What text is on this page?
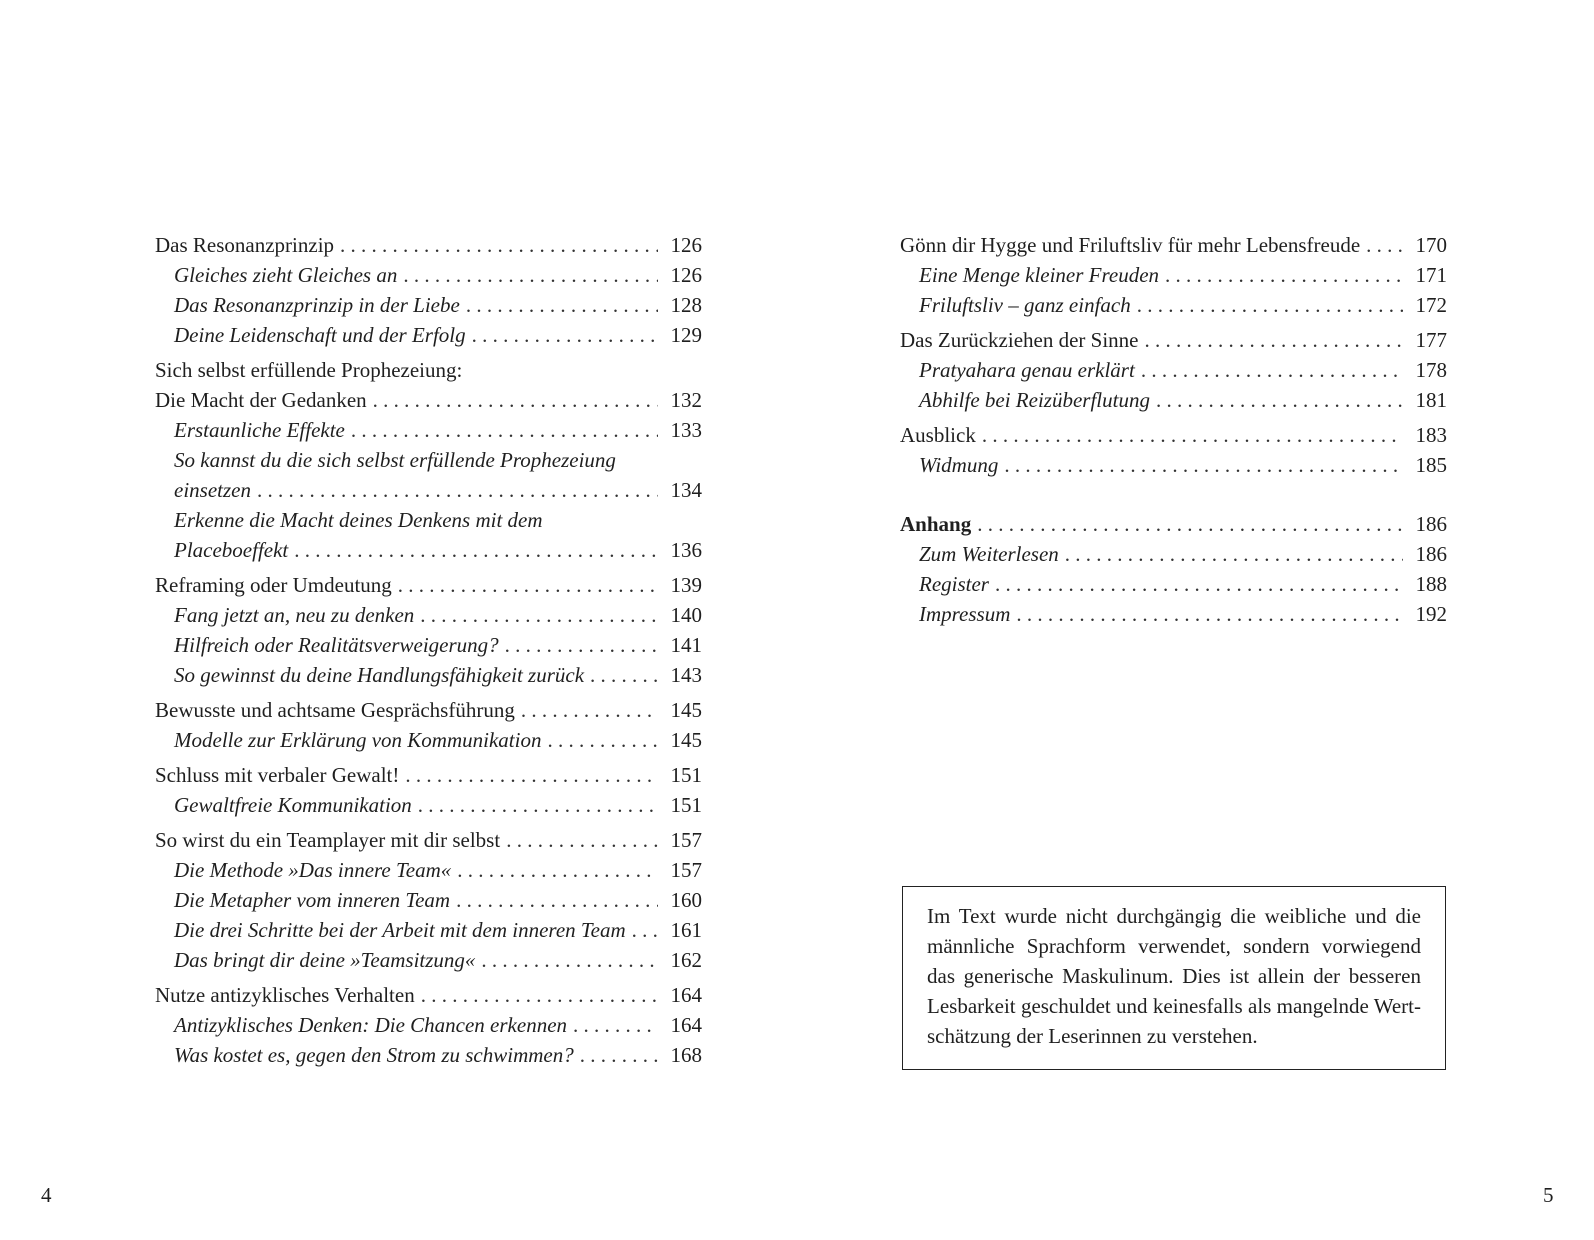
Das Resonanzprinzip . . .	126
Gleiches zieht Gleiches an . . .	126
Das Resonanzprinzip in der Liebe . . .	128
Deine Leidenschaft und der Erfolg . . .	129
Sich selbst erfüllende Prophezeiung:
Die Macht der Gedanken . . .	132
Erstaunliche Effekte . . .	133
So kannst du die sich selbst erfüllende Prophezeiung
einsetzen . . .	134
Erkenne die Macht deines Denkens mit dem
Placeboeffekt . . .	136
Reframing oder Umdeutung . . .	139
Fang jetzt an, neu zu denken . . .	140
Hilfreich oder Realitätsverweigerung? . . .	141
So gewinnst du deine Handlungsfähigkeit zurück . . .	143
Bewusste und achtsame Gesprächsführung . . .	145
Modelle zur Erklärung von Kommunikation . . .	145
Schluss mit verbaler Gewalt! . . .	151
Gewaltfreie Kommunikation . . .	151
So wirst du ein Teamplayer mit dir selbst . . .	157
Die Methode »Das innere Team« . . .	157
Die Metapher vom inneren Team . . .	160
Die drei Schritte bei der Arbeit mit dem inneren Team . . . 161
Das bringt dir deine »Teamsitzung« . . .	162
Nutze antizyklisches Verhalten . . .	164
Antizyklisches Denken: Die Chancen erkennen . . .	164
Was kostet es, gegen den Strom zu schwimmen? . . .	168
Gönn dir Hygge und Friluftsliv für mehr Lebensfreude . . .	170
Eine Menge kleiner Freuden . . .	171
Friluftsliv – ganz einfach . . .	172
Das Zurückziehen der Sinne . . .	177
Pratyahara genau erklärt . . .	178
Abhilfe bei Reizüberflutung . . .	181
Ausblick . . .	183
Widmung . . .	185
Anhang . . .	186
Zum Weiterlesen . . .	186
Register . . .	188
Impressum . . .	192
Im Text wurde nicht durchgängig die weibliche und die männliche Sprachform verwendet, sondern vorwiegend das generische Maskulinum. Dies ist allein der besseren Lesbarkeit geschuldet und keinesfalls als mangelnde Wertschätzung der Leserinnen zu verstehen.
4	5
